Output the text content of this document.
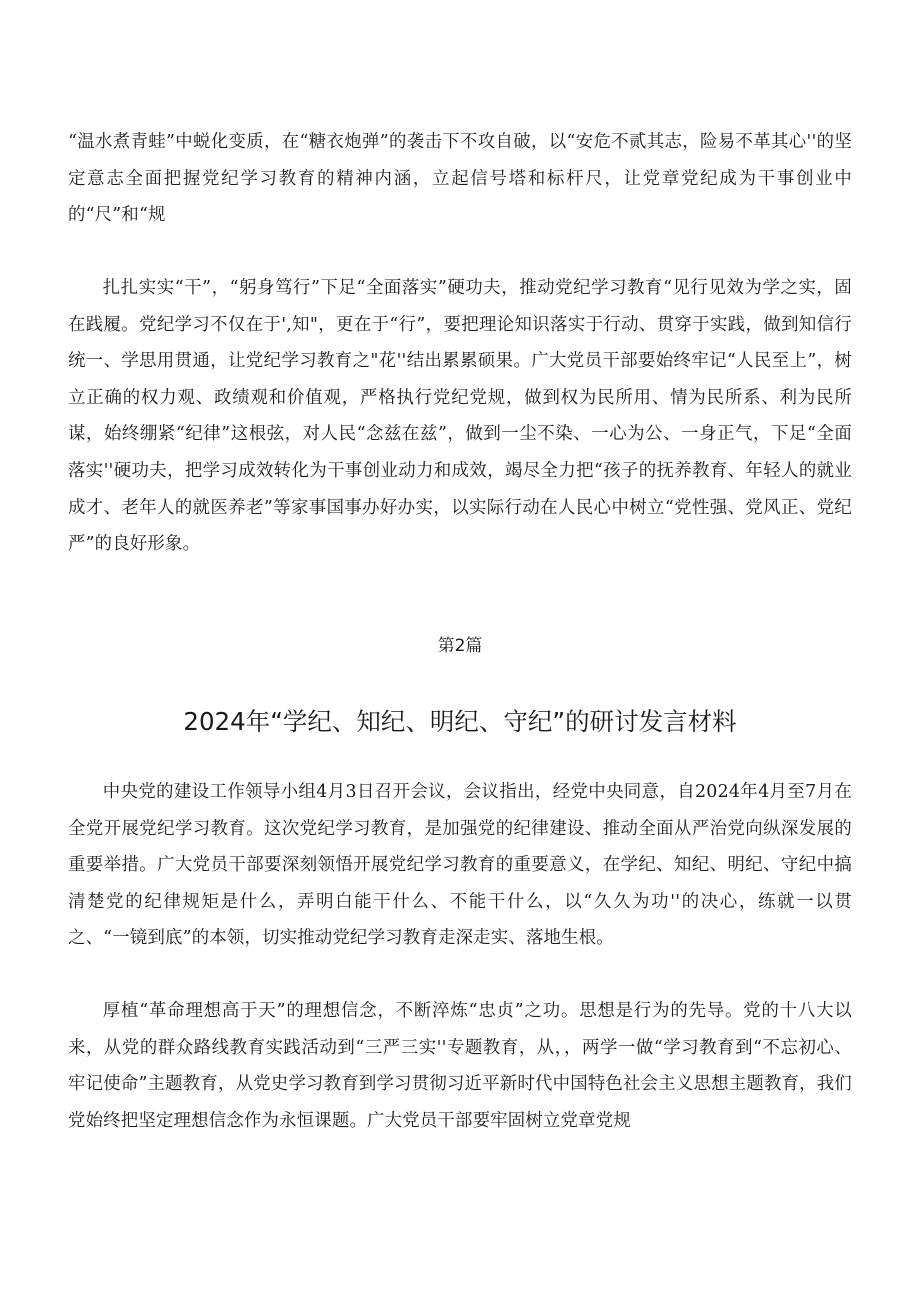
“温水煮青蛙”中蜕化变质，在“糖衣炮弹”的袭击下不攻自破，以“安危不贰其志，险易不革其心''的坚定意志全面把握党纪学习教育的精神内涵，立起信号塔和标杆尺，让党章党纪成为干事创业中的“尺”和“规

扎扎实实“干”，“躬身笃行”下足“全面落实”硬功夫，推动党纪学习教育“见行见效为学之实，固在践履。党纪学习不仅在于',知"，更在于“行”，要把理论知识落实于行动、贯穿于实践，做到知信行统一、学思用贯通，让党纪学习教育之"花''结出累累硕果。广大党员干部要始终牢记“人民至上”，树立正确的权力观、政绩观和价值观，严格执行党纪党规，做到权为民所用、情为民所系、利为民所谋，始终绷紧“纪律”这根弦，对人民“念兹在兹”，做到一尘不染、一心为公、一身正气，下足“全面落实''硬功夫，把学习成效转化为干事创业动力和成效，竭尽全力把“孩子的抚养教育、年轻人的就业成才、老年人的就医养老”等家事国事办好办实，以实际行动在人民心中树立“党性强、党风正、党纪严”的良好形象。

第2篇

2024年“学纪、知纪、明纪、守纪”的研讨发言材料

中央党的建设工作领导小组4月3日召开会议，会议指出，经党中央同意，自2024年4月至7月在全党开展党纪学习教育。这次党纪学习教育，是加强党的纪律建设、推动全面从严治党向纵深发展的重要举措。广大党员干部要深刻领悟开展党纪学习教育的重要意义，在学纪、知纪、明纪、守纪中搞清楚党的纪律规矩是什么，弄明白能干什么、不能干什么，以“久久为功''的决心，练就一以贯之、“一镜到底”的本领，切实推动党纪学习教育走深走实、落地生根。

厚植“革命理想高于天”的理想信念，不断淬炼“忠贞”之功。思想是行为的先导。党的十八大以来，从党的群众路线教育实践活动到“三严三实''专题教育，从，，两学一做“学习教育到“不忘初心、牢记使命”主题教育，从党史学习教育到学习贯彻习近平新时代中国特色社会主义思想主题教育，我们党始终把坚定理想信念作为永恒课题。广大党员干部要牢固树立党章党规
